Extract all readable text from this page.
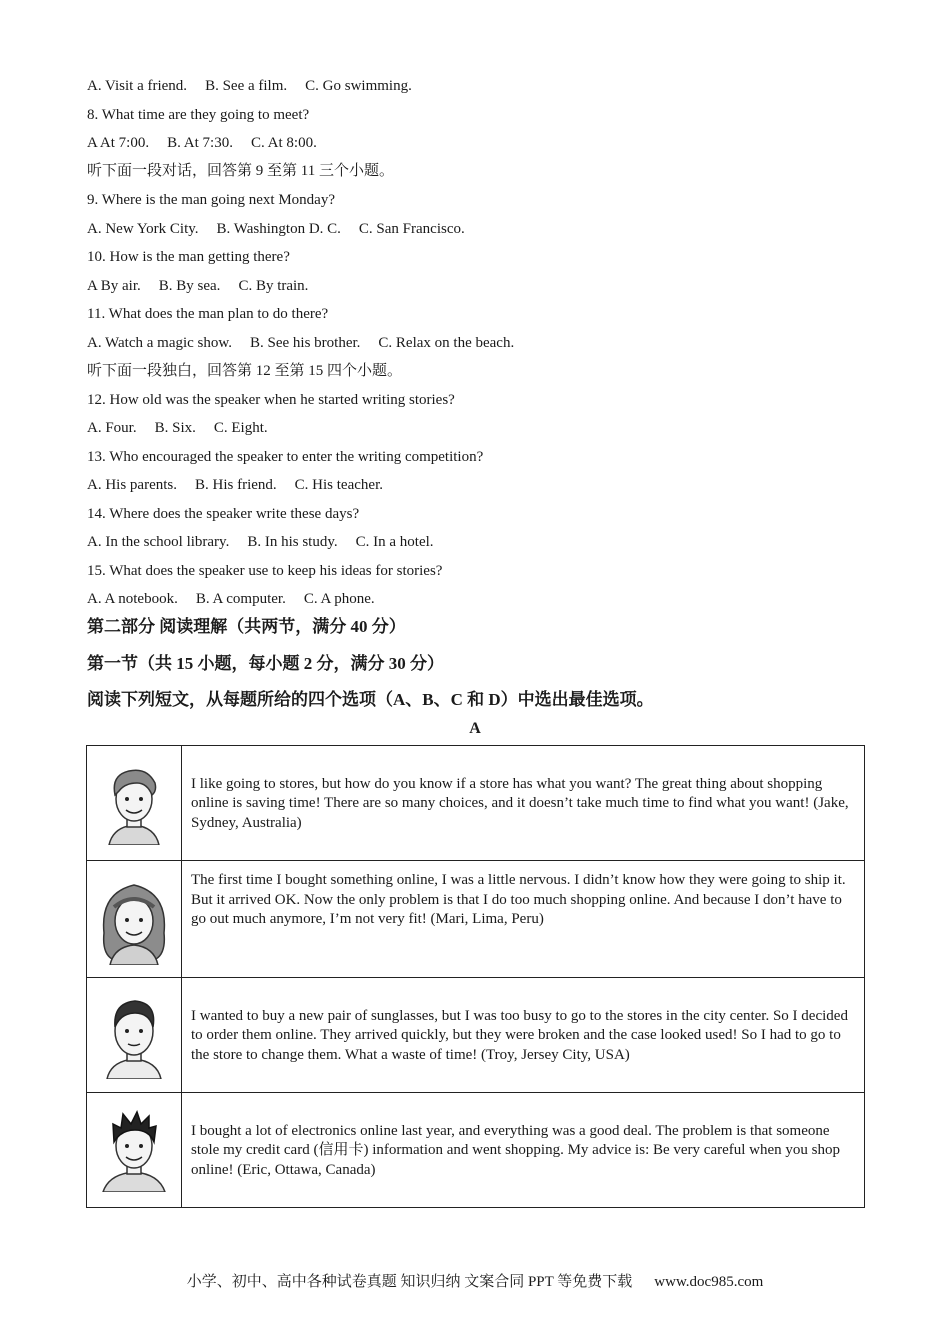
A. Visit a friend. B. See a film. C. Go swimming.
8. What time are they going to meet?
A At 7:00. B. At 7:30. C. At 8:00.
听下面一段对话，回答第 9 至第 11 三个小题。
9. Where is the man going next Monday?
A. New York City. B. Washington D. C. C. San Francisco.
10. How is the man getting there?
A By air. B. By sea. C. By train.
11. What does the man plan to do there?
A. Watch a magic show. B. See his brother. C. Relax on the beach.
听下面一段独白，回答第 12 至第 15 四个小题。
12. How old was the speaker when he started writing stories?
A. Four. B. Six. C. Eight.
13. Who encouraged the speaker to enter the writing competition?
A. His parents. B. His friend. C. His teacher.
14. Where does the speaker write these days?
A. In the school library. B. In his study. C. In a hotel.
15. What does the speaker use to keep his ideas for stories?
A. A notebook. B. A computer. C. A phone.
第二部分 阅读理解（共两节，满分 40 分）
第一节（共 15 小题，每小题 2 分，满分 30 分）
阅读下列短文，从每题所给的四个选项（A、B、C 和 D）中选出最佳选项。
A
	I like going to stores, but how do you know if a store has what you want? The great thing about shopping online is saving time! There are so many choices, and it doesn’t take much time to find what you want! (Jake, Sydney, Australia)

	The first time I bought something online, I was a little nervous. I didn’t know how they were going to ship it. But it arrived OK. Now the only problem is that I do too much shopping online. And because I don’t have to go out much anymore, I’m not very fit! (Mari, Lima, Peru)

	I wanted to buy a new pair of sunglasses, but I was too busy to go to the stores in the city center. So I decided to order them online. They arrived quickly, but they were broken and the case looked used! So I had to go to the store to change them. What a waste of time! (Troy, Jersey City, USA)

	I bought a lot of electronics online last year, and everything was a good deal. The problem is that someone stole my credit card (信用卡) information and went shopping. My advice is: Be very careful when you shop online! (Eric, Ottawa, Canada)
小学、初中、高中各种试卷真题 知识归纳 文案合同 PPT 等免费下载 www.doc985.com
